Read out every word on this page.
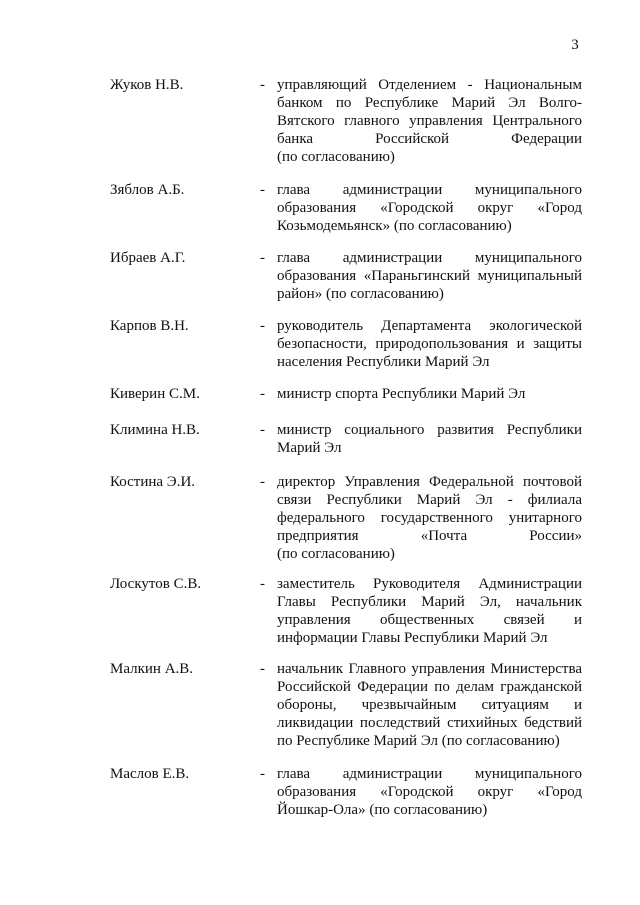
3
Жуков Н.В.	- управляющий Отделением - Национальным
банком по Республике Марий Эл Волго-
Вятского главного управления Центрального
банка Российской Федерации
(по согласованию)
Зяблов А.Б.	- глава администрации муниципального
образования «Городской округ «Город
Козьмодемьянск» (по согласованию)
Ибраев А.Г.	- глава администрации муниципального
образования «Параньгинский муниципальный
район» (по согласованию)
Карпов В.Н.	- руководитель Департамента экологической
безопасности, природопользования и защиты
населения Республики Марий Эл
Киверин С.М.	- министр спорта Республики Марий Эл
Климина Н.В.	- министр социального развития Республики
Марий Эл
Костина Э.И.	- директор Управления Федеральной почтовой
связи Республики Марий Эл - филиала
федерального государственного унитарного
предприятия «Почта России»
(по согласованию)
Лоскутов С.В.	- заместитель Руководителя Администрации
Главы Республики Марий Эл, начальник
управления общественных связей и
информации Главы Республики Марий Эл
Малкин А.В.	- начальник Главного управления Министерства
Российской Федерации по делам гражданской
обороны, чрезвычайным ситуациям и
ликвидации последствий стихийных бедствий
по Республике Марий Эл (по согласованию)
Маслов Е.В.	- глава администрации муниципального
образования «Городской округ «Город
Йошкар-Ола» (по согласованию)
